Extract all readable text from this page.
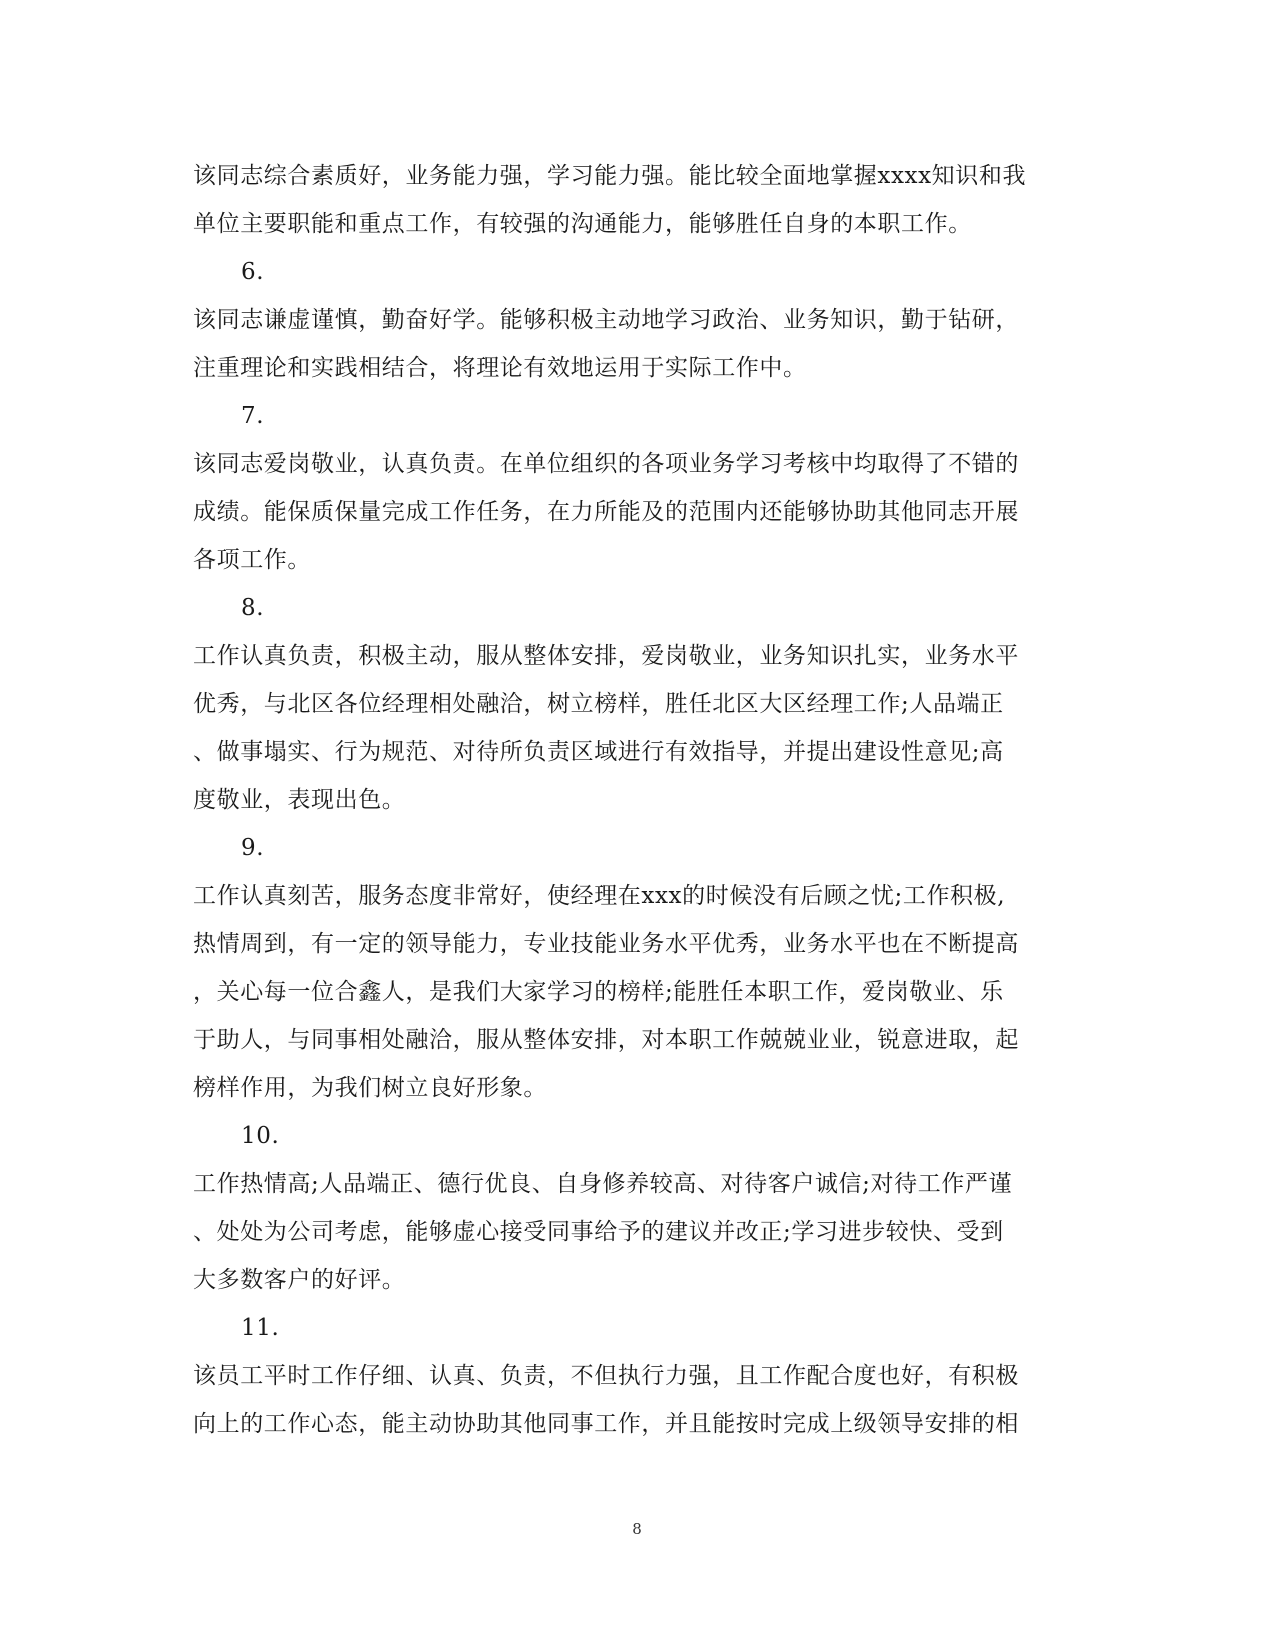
该同志综合素质好，业务能力强，学习能力强。能比较全面地掌握xxxx知识和我
单位主要职能和重点工作，有较强的沟通能力，能够胜任自身的本职工作。
6.
该同志谦虚谨慎，勤奋好学。能够积极主动地学习政治、业务知识，勤于钻研，
注重理论和实践相结合，将理论有效地运用于实际工作中。
7.
该同志爱岗敬业，认真负责。在单位组织的各项业务学习考核中均取得了不错的
成绩。能保质保量完成工作任务，在力所能及的范围内还能够协助其他同志开展
各项工作。
8.
工作认真负责，积极主动，服从整体安排，爱岗敬业，业务知识扎实，业务水平
优秀，与北区各位经理相处融洽，树立榜样，胜任北区大区经理工作;人品端正
、做事塌实、行为规范、对待所负责区域进行有效指导，并提出建设性意见;高
度敬业，表现出色。
9.
工作认真刻苦，服务态度非常好，使经理在xxx的时候没有后顾之忧;工作积极,
热情周到，有一定的领导能力，专业技能业务水平优秀，业务水平也在不断提高
，关心每一位合鑫人，是我们大家学习的榜样;能胜任本职工作，爱岗敬业、乐
于助人，与同事相处融洽，服从整体安排，对本职工作兢兢业业，锐意进取，起
榜样作用，为我们树立良好形象。
10.
工作热情高;人品端正、德行优良、自身修养较高、对待客户诚信;对待工作严谨
、处处为公司考虑，能够虚心接受同事给予的建议并改正;学习进步较快、受到
大多数客户的好评。
11.
该员工平时工作仔细、认真、负责，不但执行力强，且工作配合度也好，有积极
向上的工作心态，能主动协助其他同事工作，并且能按时完成上级领导安排的相
8
